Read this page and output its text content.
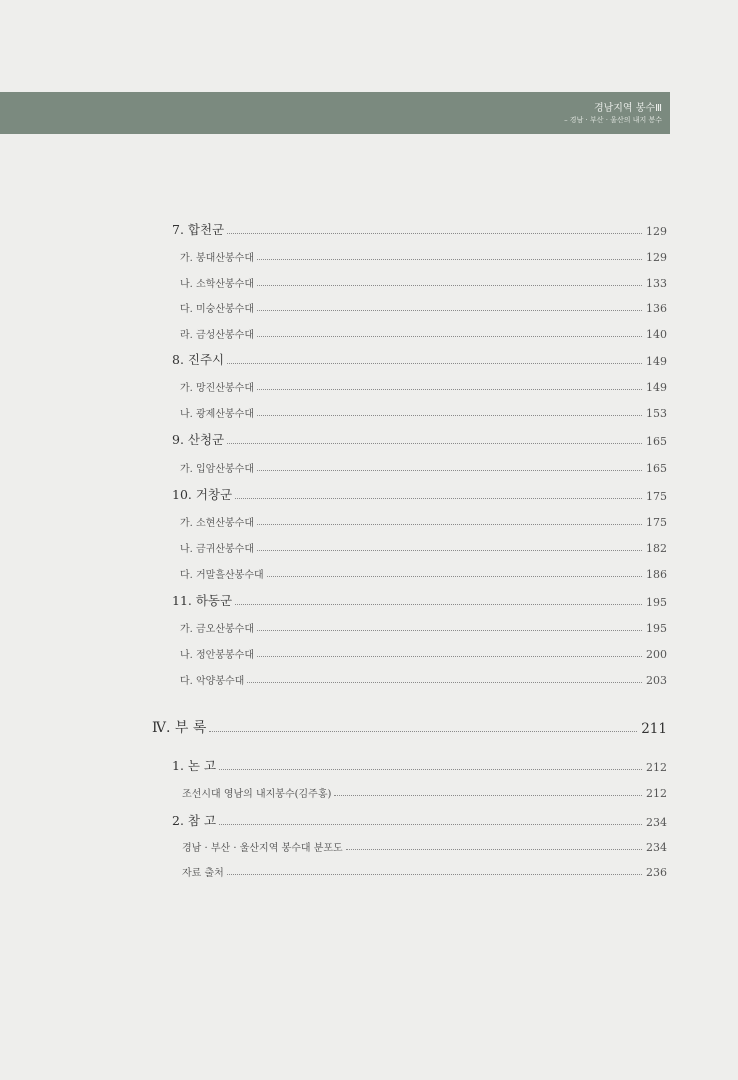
경남지역 봉수Ⅲ
– 경남 · 부산 · 울산의 내지 봉수
7. 합천군	129
가. 봉대산봉수대	129
나. 소학산봉수대	133
다. 미숭산봉수대	136
라. 금성산봉수대	140
8. 진주시	149
가. 망진산봉수대	149
나. 광제산봉수대	153
9. 산청군	165
가. 입암산봉수대	165
10. 거창군	175
가. 소현산봉수대	175
나. 금귀산봉수대	182
다. 거말흘산봉수대	186
11. 하동군	195
가. 금오산봉수대	195
나. 정안봉봉수대	200
다. 악양봉수대	203
Ⅳ. 부 록	211
1. 논 고	212
조선시대 영남의 내지봉수(김주홍)	212
2. 참 고	234
경남 · 부산 · 울산지역 봉수대 분포도	234
자료 출처	236
